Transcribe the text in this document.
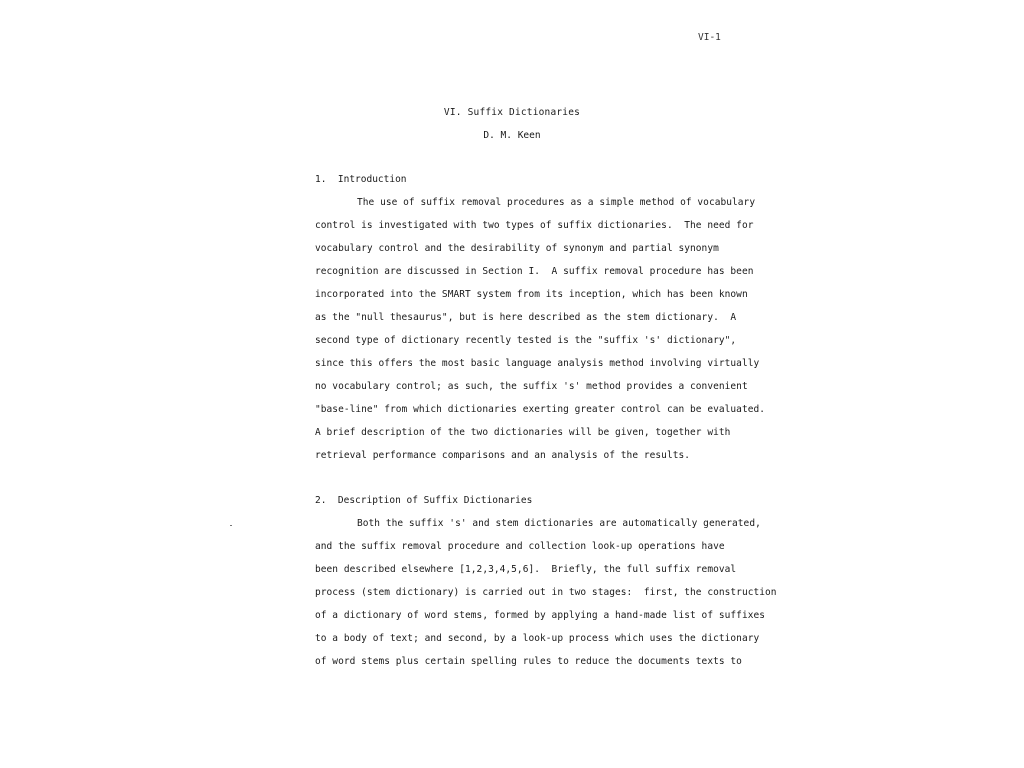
VI-1
VI. Suffix Dictionaries
D. M. Keen
1.  Introduction
The use of suffix removal procedures as a simple method of vocabulary
control is investigated with two types of suffix dictionaries.  The need for
vocabulary control and the desirability of synonym and partial synonym
recognition are discussed in Section I.  A suffix removal procedure has been
incorporated into the SMART system from its inception, which has been known
as the "null thesaurus", but is here described as the stem dictionary.  A
second type of dictionary recently tested is the "suffix 's' dictionary",
since this offers the most basic language analysis method involving virtually
no vocabulary control; as such, the suffix 's' method provides a convenient
"base-line" from which dictionaries exerting greater control can be evaluated.
A brief description of the two dictionaries will be given, together with
retrieval performance comparisons and an analysis of the results.
2.  Description of Suffix Dictionaries
Both the suffix 's' and stem dictionaries are automatically generated,
and the suffix removal procedure and collection look-up operations have
been described elsewhere [1,2,3,4,5,6].  Briefly, the full suffix removal
process (stem dictionary) is carried out in two stages:  first, the construction
of a dictionary of word stems, formed by applying a hand-made list of suffixes
to a body of text; and second, by a look-up process which uses the dictionary
of word stems plus certain spelling rules to reduce the documents texts to
